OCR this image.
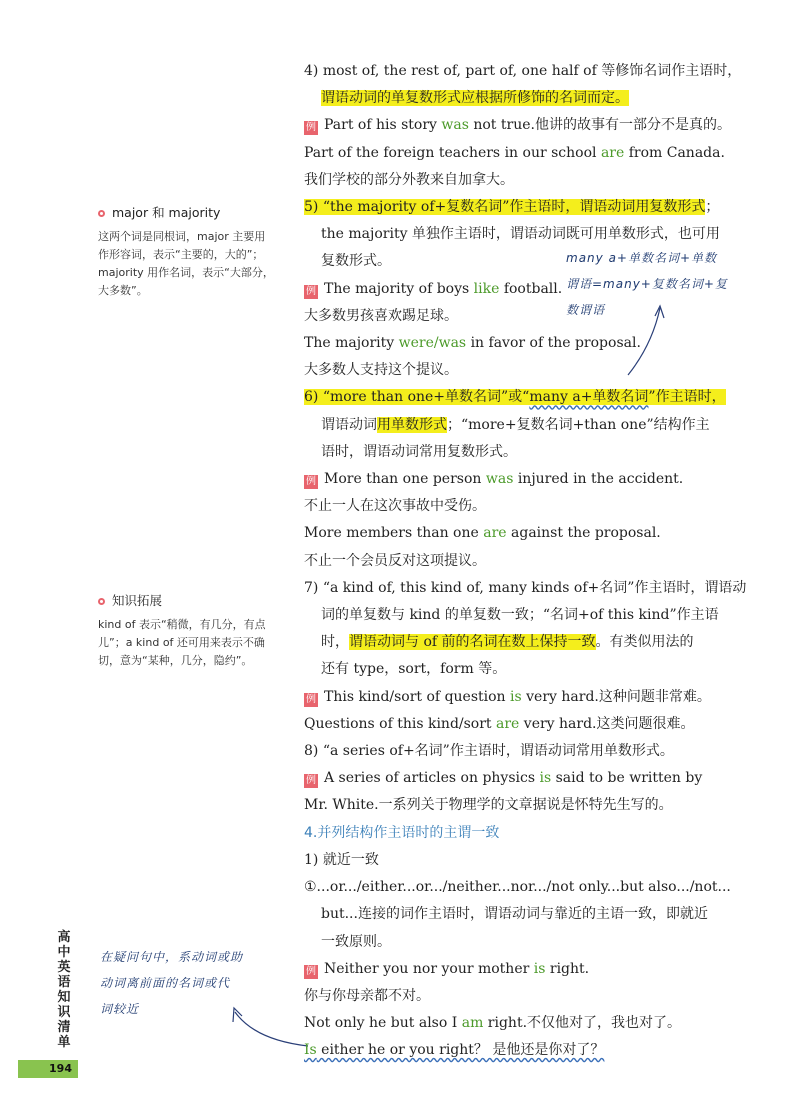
major 和 majority
这两个词是同根词，major 主要用作形容词，表示“主要的，大的”；majority 用作名词，表示“大部分，大多数”。
知识拓展
kind of 表示“稍微，有几分，有点儿”；a kind of 还可用来表示不确切，意为“某种，几分，隐约”。
many a+单数名词+单数
谓语=many+复数名词+复
数谓语
在疑问句中，系动词或助
动词离前面的名词或代
词较近
高中英语知识清单
194
4) most of, the rest of, part of, one half of 等修饰名词作主语时，
谓语动词的单复数形式应根据所修饰的名词而定。
例 Part of his story was not true.他讲的故事有一部分不是真的。
Part of the foreign teachers in our school are from Canada.
我们学校的部分外教来自加拿大。
5) “the majority of+复数名词”作主语时，谓语动词用复数形式；
the majority 单独作主语时，谓语动词既可用单数形式，也可用
复数形式。
例 The majority of boys like football.
大多数男孩喜欢踢足球。
The majority were/was in favor of the proposal.
大多数人支持这个提议。
6) “more than one+单数名词”或“many a+单数名词”作主语时，
谓语动词用单数形式；“more+复数名词+than one”结构作主
语时，谓语动词常用复数形式。
例 More than one person was injured in the accident.
不止一人在这次事故中受伤。
More members than one are against the proposal.
不止一个会员反对这项提议。
7) “a kind of, this kind of, many kinds of+名词”作主语时，谓语动
词的单复数与 kind 的单复数一致；“名词+of this kind”作主语
时，谓语动词与 of 前的名词在数上保持一致。有类似用法的
还有 type，sort，form 等。
例 This kind/sort of question is very hard.这种问题非常难。
Questions of this kind/sort are very hard.这类问题很难。
8) “a series of+名词”作主语时，谓语动词常用单数形式。
例 A series of articles on physics is said to be written by
Mr. White.一系列关于物理学的文章据说是怀特先生写的。
4.并列结构作主语时的主谓一致
1) 就近一致
①...or.../either...or.../neither...nor.../not only...but also.../not...
but...连接的词作主语时，谓语动词与靠近的主语一致，即就近
一致原则。
例 Neither you nor your mother is right.
你与你母亲都不对。
Not only he but also I am right.不仅他对了，我也对了。
Is either he or you right？ 是他还是你对了？
